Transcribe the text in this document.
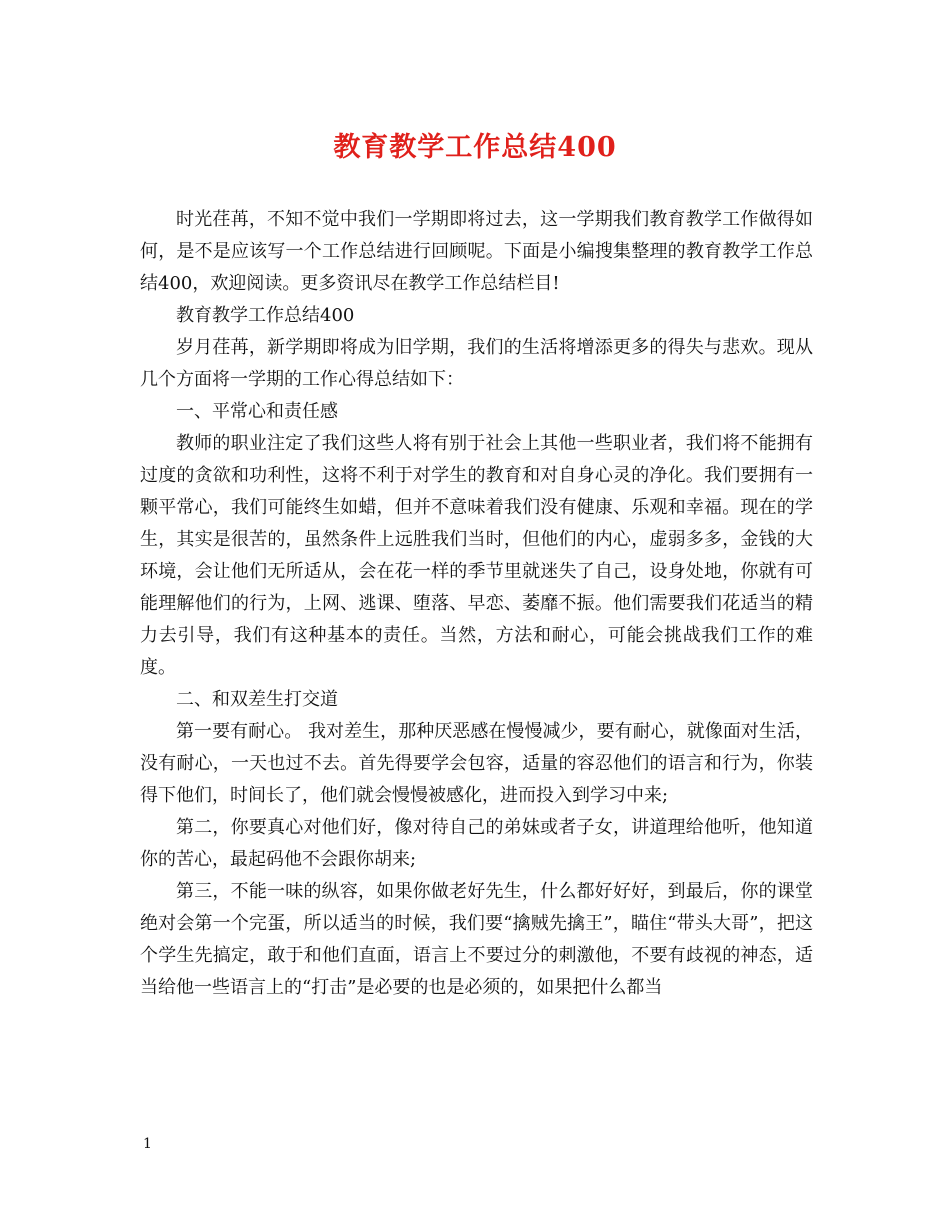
教育教学工作总结400

时光荏苒，不知不觉中我们一学期即将过去，这一学期我们教育教学工作做得如何，是不是应该写一个工作总结进行回顾呢。下面是小编搜集整理的教育教学工作总结400，欢迎阅读。更多资讯尽在教学工作总结栏目!

教育教学工作总结400

岁月荏苒，新学期即将成为旧学期，我们的生活将增添更多的得失与悲欢。现从几个方面将一学期的工作心得总结如下：

一、平常心和责任感

教师的职业注定了我们这些人将有别于社会上其他一些职业者，我们将不能拥有过度的贪欲和功利性，这将不利于对学生的教育和对自身心灵的净化。我们要拥有一颗平常心，我们可能终生如蜡，但并不意味着我们没有健康、乐观和幸福。现在的学生，其实是很苦的，虽然条件上远胜我们当时，但他们的内心，虚弱多多，金钱的大环境，会让他们无所适从，会在花一样的季节里就迷失了自己，设身处地，你就有可能理解他们的行为，上网、逃课、堕落、早恋、萎靡不振。他们需要我们花适当的精力去引导，我们有这种基本的责任。当然，方法和耐心，可能会挑战我们工作的难度。

二、和双差生打交道

第一要有耐心。 我对差生，那种厌恶感在慢慢减少，要有耐心，就像面对生活，没有耐心，一天也过不去。首先得要学会包容，适量的容忍他们的语言和行为，你装得下他们，时间长了，他们就会慢慢被感化，进而投入到学习中来;

第二，你要真心对他们好，像对待自己的弟妹或者子女，讲道理给他听，他知道你的苦心，最起码他不会跟你胡来;

第三，不能一味的纵容，如果你做老好先生，什么都好好好，到最后，你的课堂绝对会第一个完蛋，所以适当的时候，我们要“擒贼先擒王”，瞄住“带头大哥”，把这个学生先搞定，敢于和他们直面，语言上不要过分的刺激他，不要有歧视的神态，适当给他一些语言上的“打击”是必要的也是必须的，如果把什么都当

1
